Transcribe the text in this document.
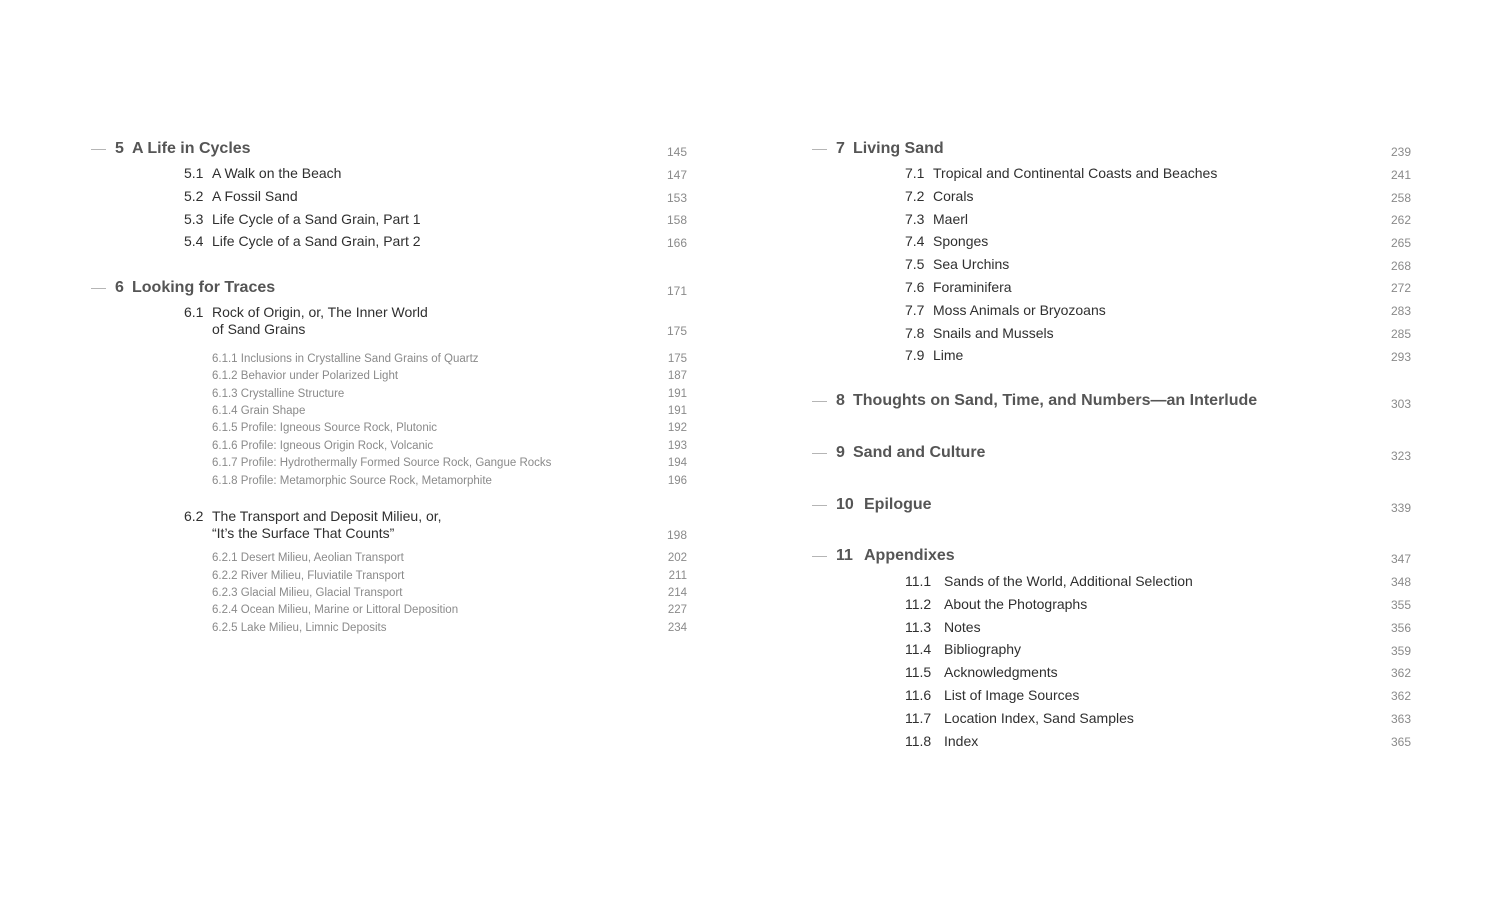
5 A Life in Cycles	145
5.1 A Walk on the Beach	147
5.2 A Fossil Sand	153
5.3 Life Cycle of a Sand Grain, Part 1	158
5.4 Life Cycle of a Sand Grain, Part 2	166
6 Looking for Traces	171
6.1 Rock of Origin, or, The Inner World
of Sand Grains	175
6.1.1 Inclusions in Crystalline Sand Grains of Quartz	175
6.1.2 Behavior under Polarized Light	187
6.1.3 Crystalline Structure	191
6.1.4 Grain Shape	191
6.1.5 Profile: Igneous Source Rock, Plutonic	192
6.1.6 Profile: Igneous Origin Rock, Volcanic	193
6.1.7 Profile: Hydrothermally Formed Source Rock, Gangue Rocks	194
6.1.8 Profile: Metamorphic Source Rock, Metamorphite	196
6.2 The Transport and Deposit Milieu, or,
“It’s the Surface That Counts”	198
6.2.1 Desert Milieu, Aeolian Transport	202
6.2.2 River Milieu, Fluviatile Transport	211
6.2.3 Glacial Milieu, Glacial Transport	214
6.2.4 Ocean Milieu, Marine or Littoral Deposition	227
6.2.5 Lake Milieu, Limnic Deposits	234
7 Living Sand	239
7.1 Tropical and Continental Coasts and Beaches	241
7.2 Corals	258
7.3 Maerl	262
7.4 Sponges	265
7.5 Sea Urchins	268
7.6 Foraminifera	272
7.7 Moss Animals or Bryozoans	283
7.8 Snails and Mussels	285
7.9 Lime	293
8 Thoughts on Sand, Time, and Numbers—an Interlude	303
9 Sand and Culture	323
10 Epilogue	339
11 Appendixes	347
11.1 Sands of the World, Additional Selection	348
11.2 About the Photographs	355
11.3 Notes	356
11.4 Bibliography	359
11.5 Acknowledgments	362
11.6 List of Image Sources	362
11.7 Location Index, Sand Samples	363
11.8 Index	365
